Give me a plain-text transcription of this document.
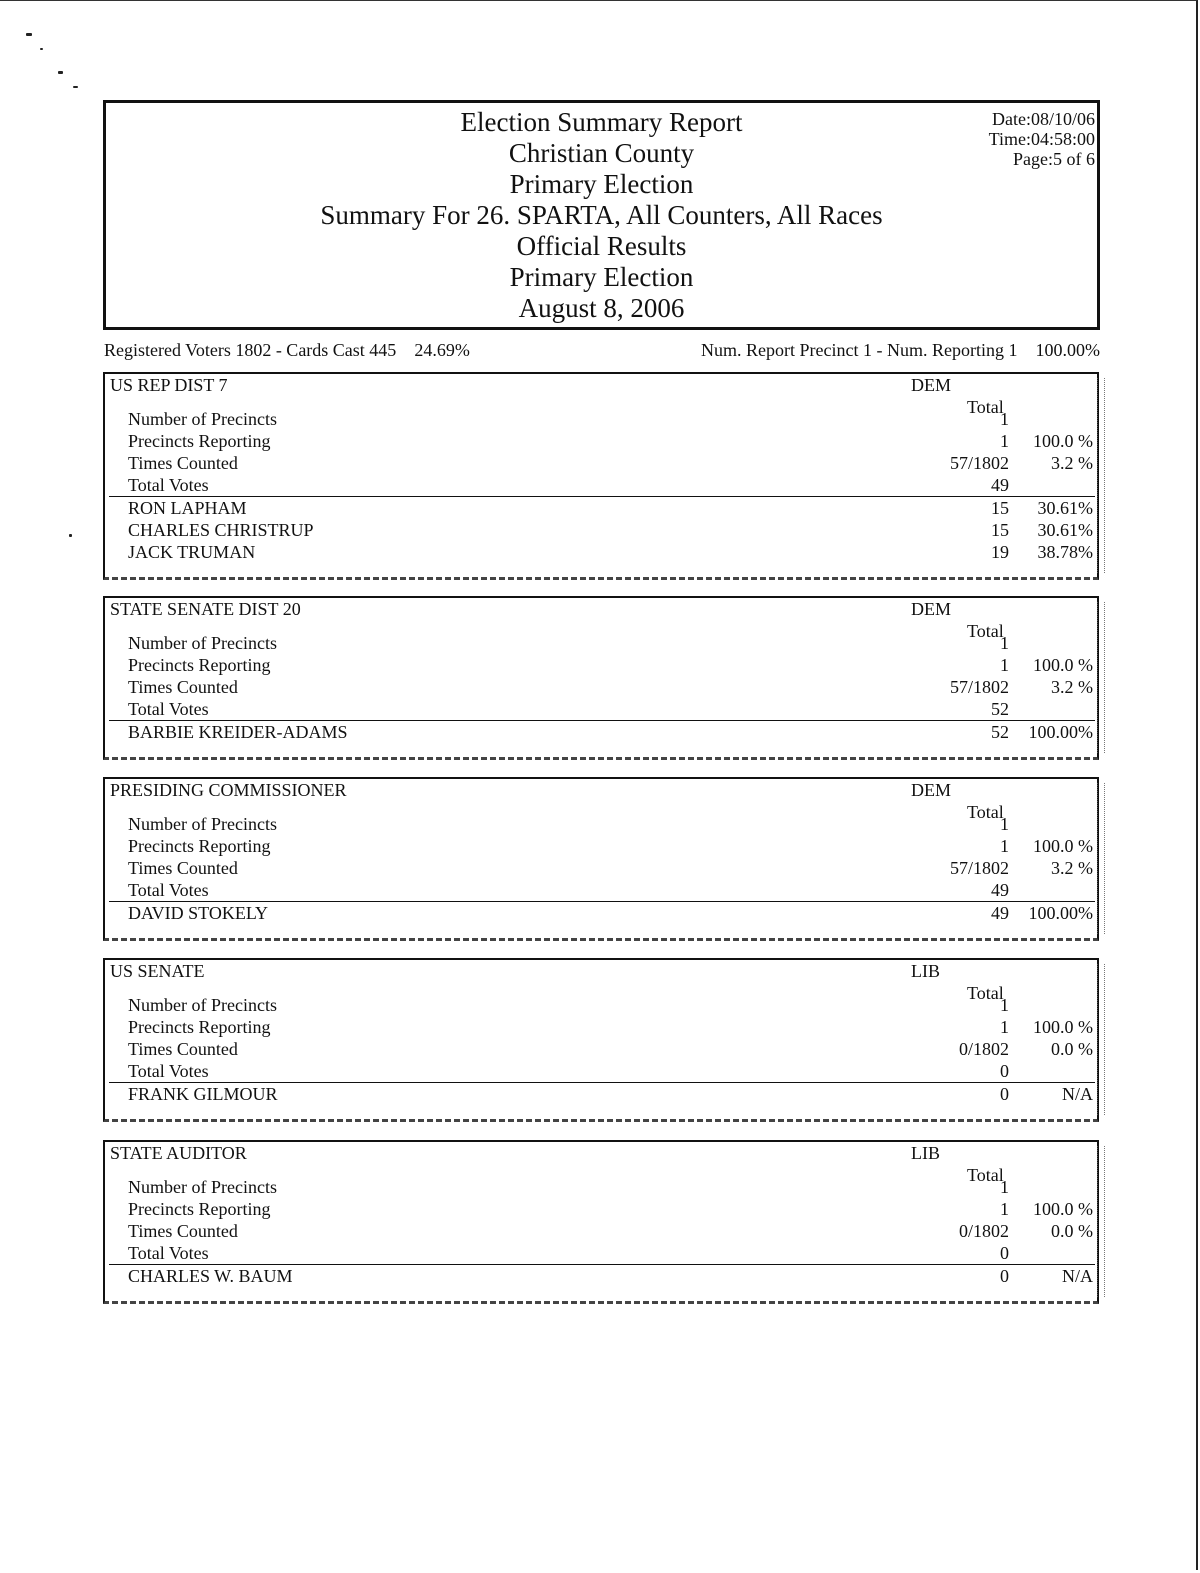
Election Summary Report
Christian County
Primary Election
Summary For 26. SPARTA, All Counters, All Races
Official Results
Primary Election
August 8, 2006
Date:08/10/06
Time:04:58:00
Page:5 of 6
Registered Voters 1802 - Cards Cast 445 24.69%	Num. Report Precinct 1 - Num. Reporting 1 100.00%
US REP DIST 7	DEM
Total
Number of Precincts	1
Precincts Reporting	1 100.0 %
Times Counted	57/1802 3.2 %
Total Votes	49
RON LAPHAM	15 30.61%
CHARLES CHRISTRUP	15 30.61%
JACK TRUMAN	19 38.78%
STATE SENATE DIST 20	DEM
Total
Number of Precincts	1
Precincts Reporting	1 100.0 %
Times Counted	57/1802 3.2 %
Total Votes	52
BARBIE KREIDER-ADAMS	52 100.00%
PRESIDING COMMISSIONER	DEM
Total
Number of Precincts	1
Precincts Reporting	1 100.0 %
Times Counted	57/1802 3.2 %
Total Votes	49
DAVID STOKELY	49 100.00%
US SENATE	LIB
Total
Number of Precincts	1
Precincts Reporting	1 100.0 %
Times Counted	0/1802 0.0 %
Total Votes	0
FRANK GILMOUR	0	N/A
STATE AUDITOR	LIB
Total
Number of Precincts	1
Precincts Reporting	1 100.0 %
Times Counted	0/1802 0.0 %
Total Votes	0
CHARLES W. BAUM	0	N/A
